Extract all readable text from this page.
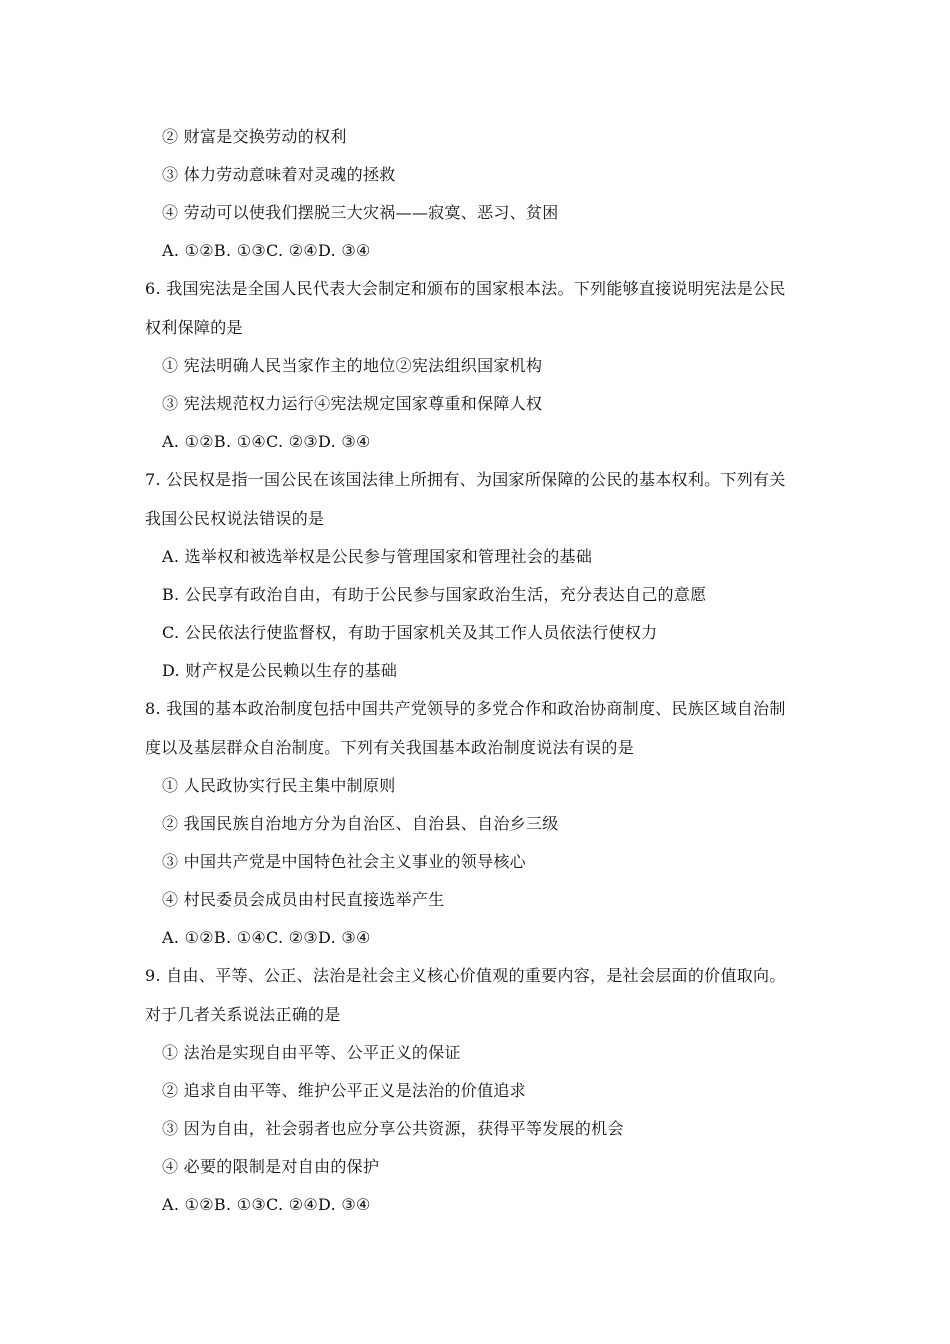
② 财富是交换劳动的权利
③ 体力劳动意味着对灵魂的拯救
④ 劳动可以使我们摆脱三大灾祸——寂寞、恶习、贫困
A. ①②B. ①③C. ②④D. ③④
6. 我国宪法是全国人民代表大会制定和颁布的国家根本法。下列能够直接说明宪法是公民
权利保障的是
① 宪法明确人民当家作主的地位②宪法组织国家机构
③ 宪法规范权力运行④宪法规定国家尊重和保障人权
A. ①②B. ①④C. ②③D. ③④
7. 公民权是指一国公民在该国法律上所拥有、为国家所保障的公民的基本权利。下列有关
我国公民权说法错误的是
A. 选举权和被选举权是公民参与管理国家和管理社会的基础
B. 公民享有政治自由，有助于公民参与国家政治生活，充分表达自己的意愿
C. 公民依法行使监督权，有助于国家机关及其工作人员依法行使权力
D. 财产权是公民赖以生存的基础
8. 我国的基本政治制度包括中国共产党领导的多党合作和政治协商制度、民族区域自治制
度以及基层群众自治制度。下列有关我国基本政治制度说法有误的是
① 人民政协实行民主集中制原则
② 我国民族自治地方分为自治区、自治县、自治乡三级
③ 中国共产党是中国特色社会主义事业的领导核心
④ 村民委员会成员由村民直接选举产生
A. ①②B. ①④C. ②③D. ③④
9. 自由、平等、公正、法治是社会主义核心价值观的重要内容，是社会层面的价值取向。
对于几者关系说法正确的是
① 法治是实现自由平等、公平正义的保证
② 追求自由平等、维护公平正义是法治的价值追求
③ 因为自由，社会弱者也应分享公共资源，获得平等发展的机会
④ 必要的限制是对自由的保护
A. ①②B. ①③C. ②④D. ③④
